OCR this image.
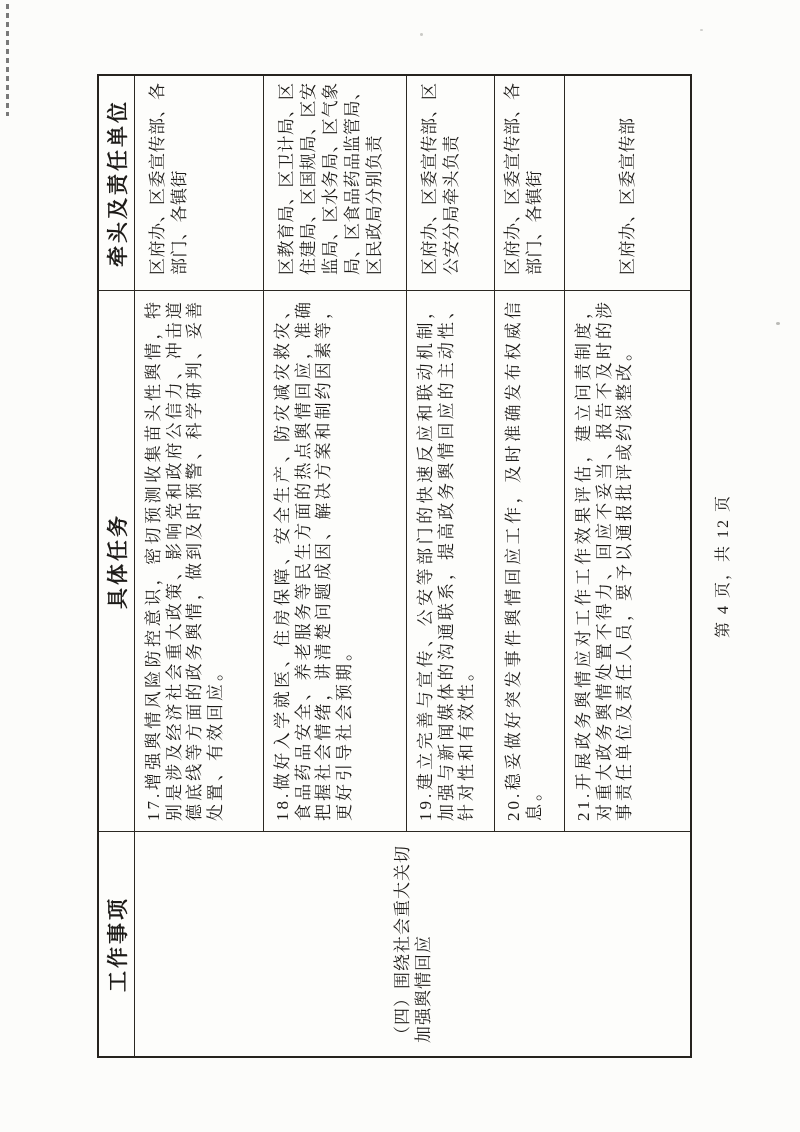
工作事项
具体任务
牵头及责任单位
（四）围绕社会重大关切加强舆情回应
17.增强舆情风险防控意识，密切预测收集苗头性舆情，特别是涉及经济社会重大政策、影响党和政府公信力、冲击道德底线等方面的政务舆情，做到及时预警、科学研判、妥善处置、有效回应。
区府办、区委宣传部、各部门、各镇街
18.做好入学就医、住房保障、安全生产、防灾减灾救灾、食品药品安全、养老服务等民生方面的热点舆情回应，准确把握社会情绪，讲清楚问题成因、解决方案和制约因素等，更好引导社会预期。
区教育局、区卫计局、区住建局、区国规局、区安监局、区水务局、区气象局、区食品药品监管局、区民政局分别负责
19.建立完善与宣传、公安等部门的快速反应和联动机制，加强与新闻媒体的沟通联系，提高政务舆情回应的主动性、针对性和有效性。
区府办、区委宣传部、区公安分局牵头负责
20.稳妥做好突发事件舆情回应工作，及时准确发布权威信息。
区府办、区委宣传部、各部门、各镇街
21.开展政务舆情应对工作工作效果评估，建立问责制度，对重大政务舆情处置不得力、回应不妥当、报告不及时的涉事责任单位及责任人员，要予以通报批评或约谈整改。
区府办、区委宣传部
第 4 页，共 12 页
